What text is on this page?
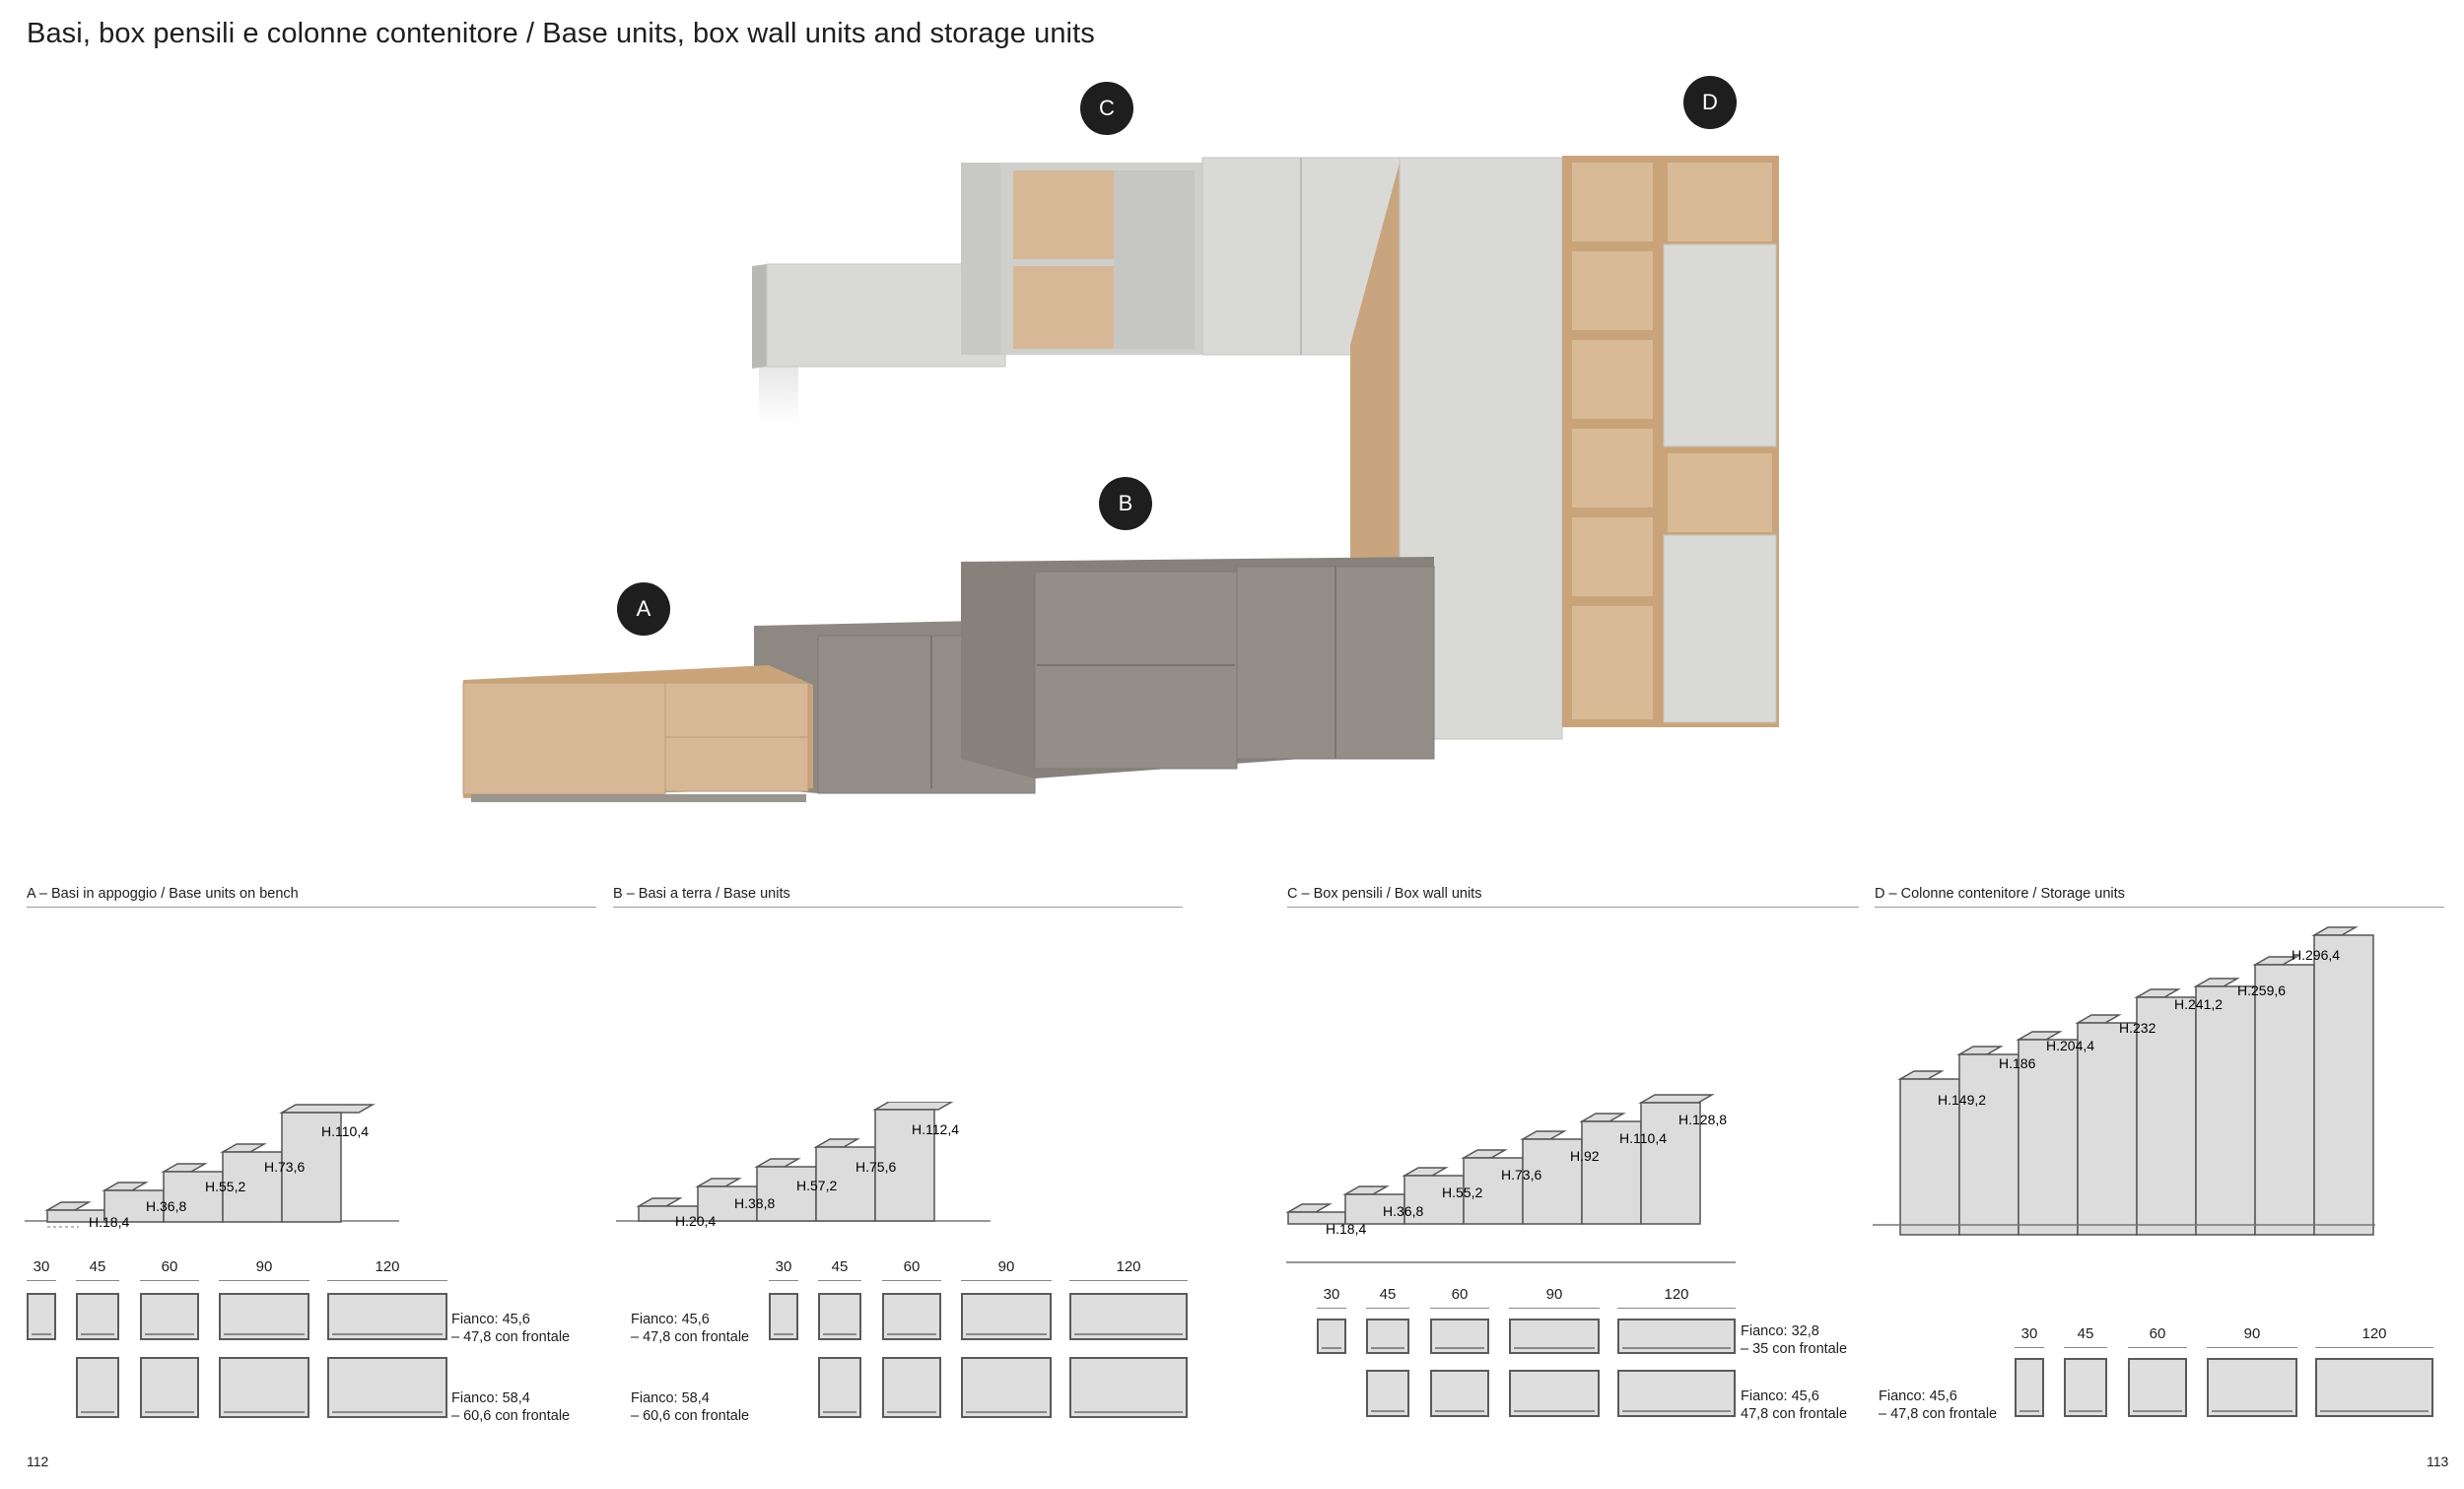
Basi, box pensili e colonne contenitore / Base units, box wall units and storage units
A
B
C	D
A – Basi in appoggio / Base units on bench	B – Basi a terra / Base units	C – Box pensili / Box wall units	D – Colonne contenitore / Storage units
H.18,4
H.36,8
H.55,2
H.73,6
H.110,4
H.20,4
H.38,8
H.57,2
H.75,6
H.112,4
H.18,4
H.36,8
H.55,2
H.73,6
H.92
H.110,4
H.128,8
H.149,2
H.186
H.204,4
H.232
H.241,2
H.259,6
H.296,4
30	45	60	90	120
Fianco: 45,6
– 47,8 con frontale
Fianco: 58,4
– 60,6 con frontale
Fianco: 45,6
– 47,8 con frontale
Fianco: 58,4
– 60,6 con frontale
30	45	60	90	120
30	45	60	90	120
Fianco: 32,8
– 35 con frontale
Fianco: 45,6
47,8 con frontale
Fianco: 45,6
– 47,8 con frontale
30	45	60	90	120
112	113
